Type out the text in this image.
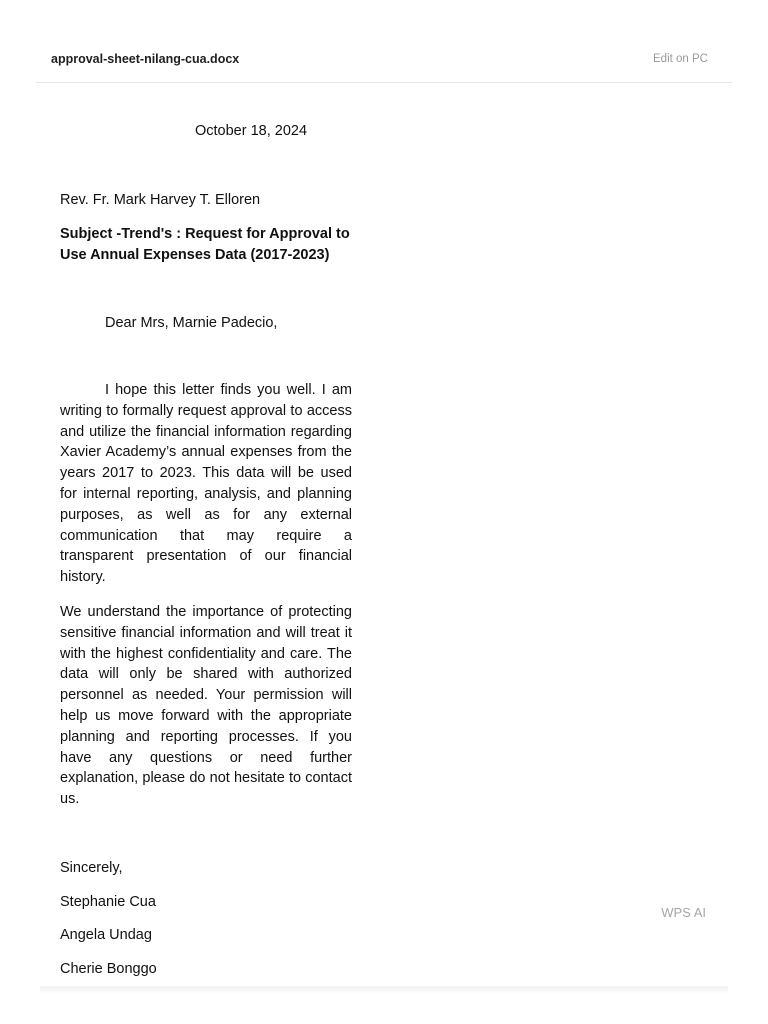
approval-sheet-nilang-cua.docx	Edit on PC
October 18, 2024
Rev. Fr. Mark Harvey T. Elloren
Subject -Trend's : Request for Approval to Use Annual Expenses Data (2017-2023)
Dear Mrs, Marnie Padecio,
I hope this letter finds you well. I am writing to formally request approval to access and utilize the financial information regarding Xavier Academy’s annual expenses from the years 2017 to 2023. This data will be used for internal reporting, analysis, and planning purposes, as well as for any external communication that may require a transparent presentation of our financial history.
We understand the importance of protecting sensitive financial information and will treat it with the highest confidentiality and care. The data will only be shared with authorized personnel as needed. Your permission will help us move forward with the appropriate planning and reporting processes. If you have any questions or need further explanation, please do not hesitate to contact us.
Sincerely,
Stephanie Cua
Angela Undag
Cherie Bonggo
WPS AI
